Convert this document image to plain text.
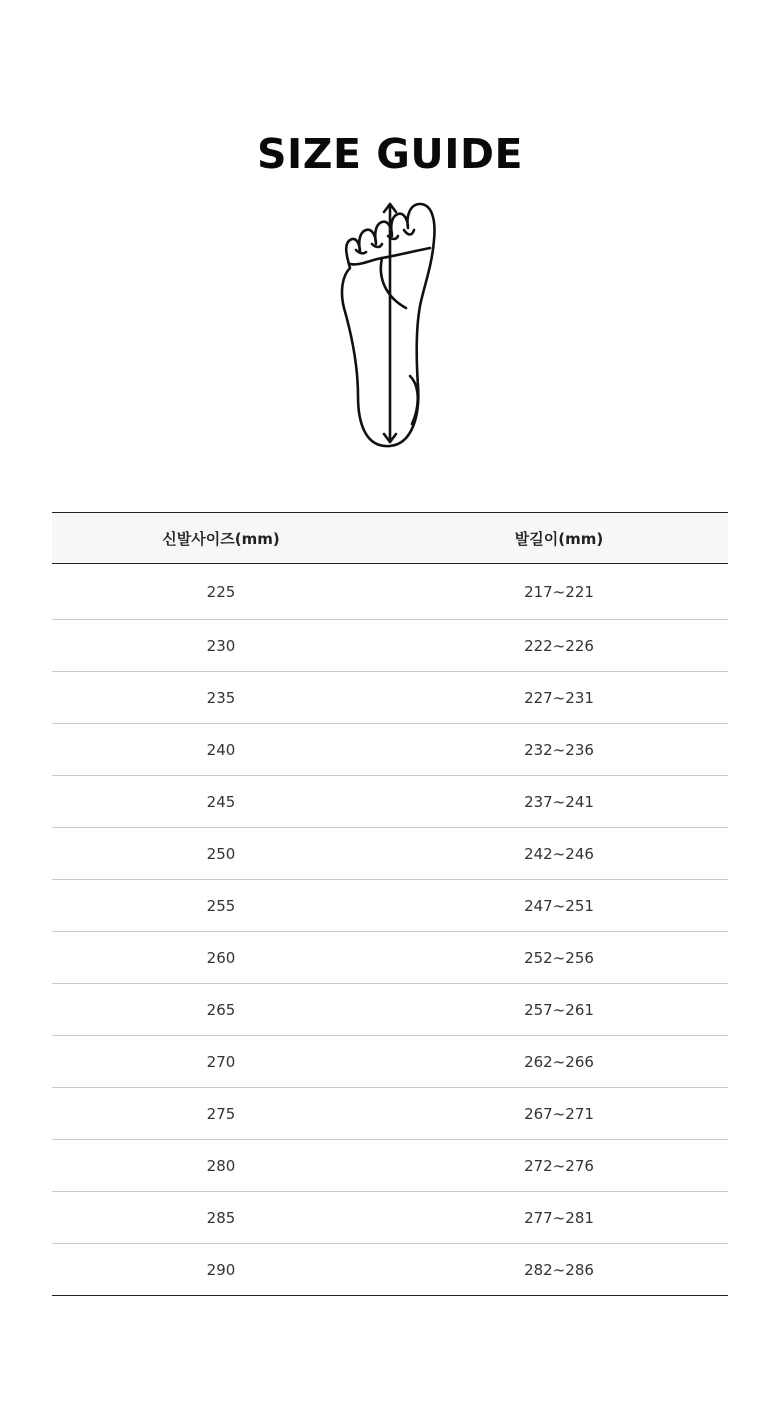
SIZE GUIDE
신발사이즈(mm)	발길이(mm)
225	217~221
230	222~226
235	227~231
240	232~236
245	237~241
250	242~246
255	247~251
260	252~256
265	257~261
270	262~266
275	267~271
280	272~276
285	277~281
290	282~286
